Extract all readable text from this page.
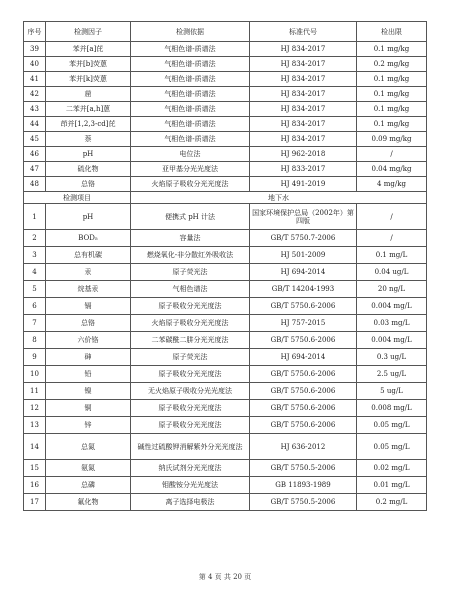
序号	检测因子	检测依据	标准代号	检出限
39	苯并[a]芘	气相色谱-质谱法	HJ 834-2017	0.1 mg/kg
40	苯并[b]荧蒽	气相色谱-质谱法	HJ 834-2017	0.2 mg/kg
41	苯并[k]荧蒽	气相色谱-质谱法	HJ 834-2017	0.1 mg/kg
42	䓛	气相色谱-质谱法	HJ 834-2017	0.1 mg/kg
43	二苯并[a,h]蒽	气相色谱-质谱法	HJ 834-2017	0.1 mg/kg
44	茚并[1,2,3-cd]芘	气相色谱-质谱法	HJ 834-2017	0.1 mg/kg
45	萘	气相色谱-质谱法	HJ 834-2017	0.09 mg/kg
46	pH	电位法	HJ 962-2018	/
47	硫化物	亚甲基分光光度法	HJ 833-2017	0.04 mg/kg
48	总铬	火焰原子吸收分光光度法	HJ 491-2019	4 mg/kg
检测项目		地下水		
1	pH	便携式 pH 计法	国家环境保护总局（2002年）第四版	/
2	BOD₅	容量法	GB/T 5750.7-2006	/
3	总有机碳	燃烧氧化-非分散红外吸收法	HJ 501-2009	0.1 mg/L
4	汞	原子荧光法	HJ 694-2014	0.04 ug/L
5	烷基汞	气相色谱法	GB/T 14204-1993	20 ng/L
6	镉	原子吸收分光光度法	GB/T 5750.6-2006	0.004 mg/L
7	总铬	火焰原子吸收分光光度法	HJ 757-2015	0.03 mg/L
8	六价铬	二苯碳酰二肼分光光度法	GB/T 5750.6-2006	0.004 mg/L
9	砷	原子荧光法	HJ 694-2014	0.3 ug/L
10	铅	原子吸收分光光度法	GB/T 5750.6-2006	2.5 ug/L
11	镍	无火焰原子吸收分光光度法	GB/T 5750.6-2006	5 ug/L
12	铜	原子吸收分光光度法	GB/T 5750.6-2006	0.008 mg/L
13	锌	原子吸收分光光度法	GB/T 5750.6-2006	0.05 mg/L
14	总氮	碱性过硫酸钾消解紫外分光光度法	HJ 636-2012	0.05 mg/L
15	氨氮	纳氏试剂分光光度法	GB/T 5750.5-2006	0.02 mg/L
16	总磷	钼酸铵分光光度法	GB 11893-1989	0.01 mg/L
17	氟化物	离子选择电极法	GB/T 5750.5-2006	0.2 mg/L
第 4 页 共 20 页
